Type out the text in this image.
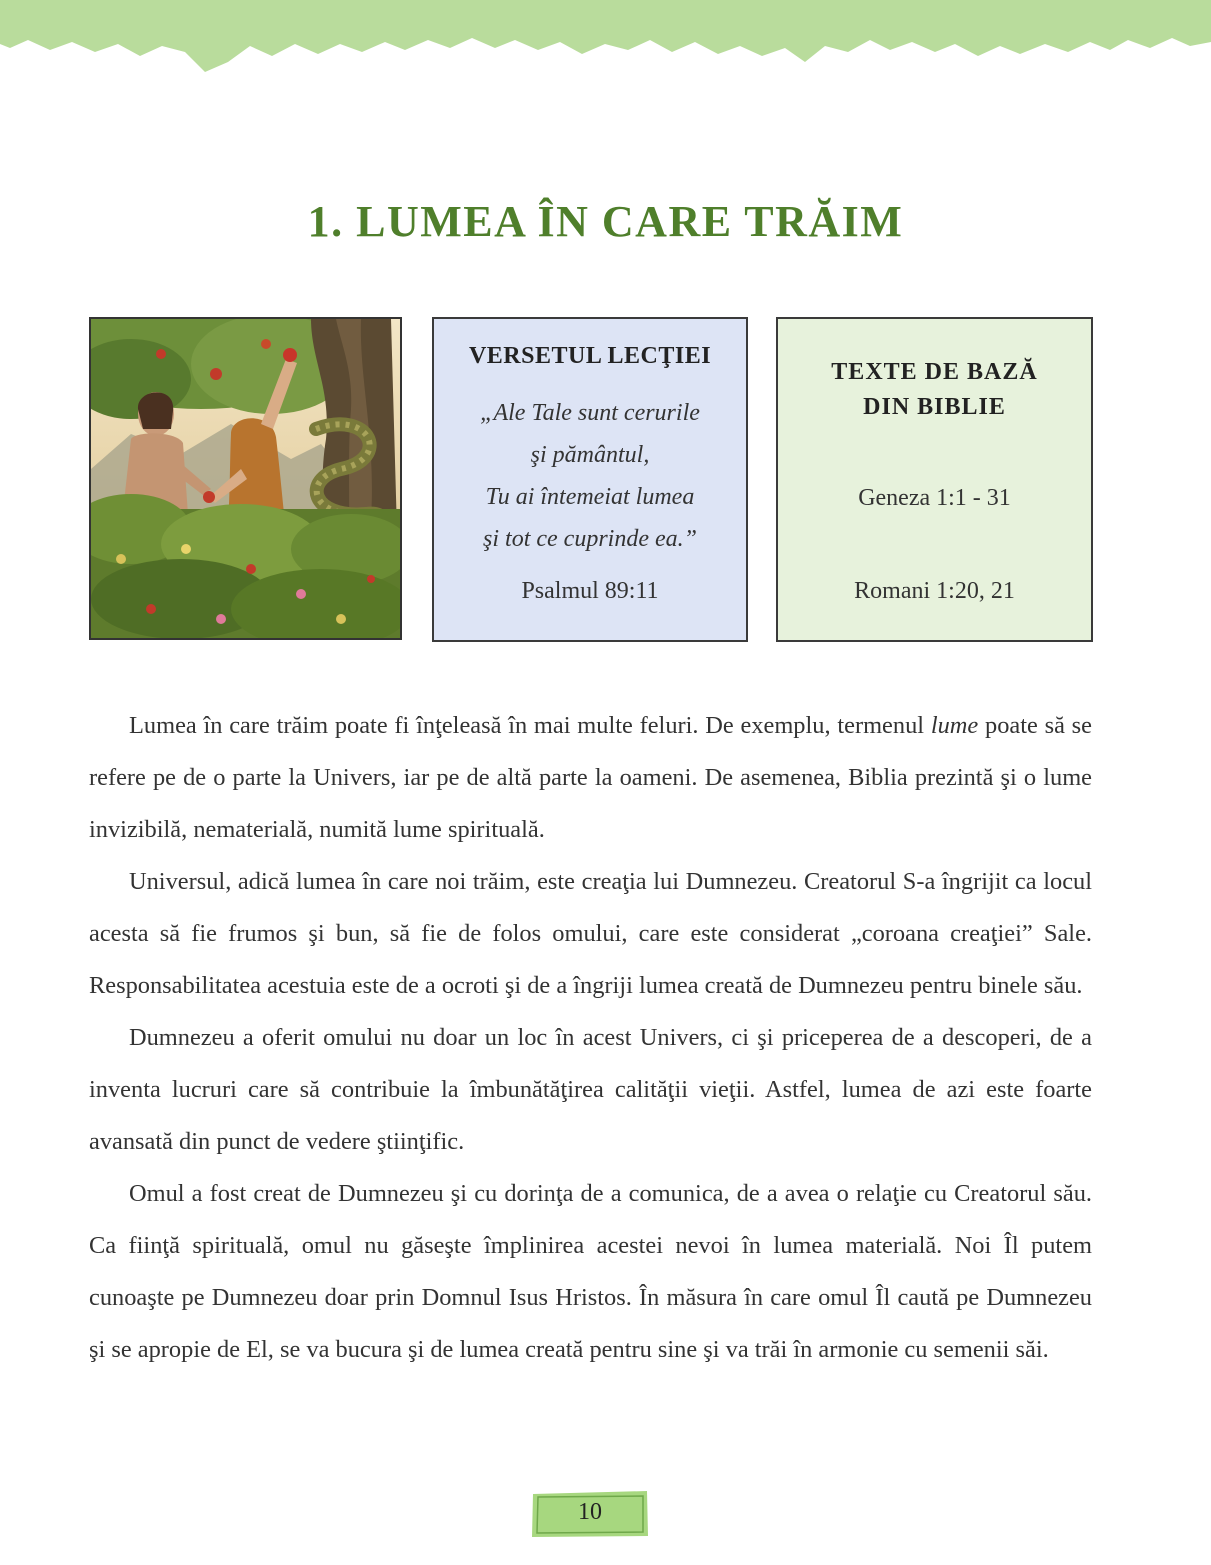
1. LUMEA ÎN CARE TRĂIM
VERSETUL LECŢIEI
„Ale Tale sunt cerurile
şi pământul,
Tu ai întemeiat lumea
şi tot ce cuprinde ea.”
Psalmul 89:11
TEXTE DE BAZĂ
DIN BIBLIE
Geneza 1:1 - 31
Romani 1:20, 21

Lumea în care trăim poate fi înţeleasă în mai multe feluri. De exemplu, termenul lume poate să se refere pe de o parte la Univers, iar pe de altă parte la oameni. De asemenea, Biblia prezintă şi o lume invizibilă, nematerială, numită lume spirituală.

Universul, adică lumea în care noi trăim, este creaţia lui Dumnezeu. Creatorul S-a îngrijit ca locul acesta să fie frumos şi bun, să fie de folos omului, care este considerat „coroana creaţiei” Sale. Responsabilitatea acestuia este de a ocroti şi de a îngriji lumea creată de Dumnezeu pentru binele său.

Dumnezeu a oferit omului nu doar un loc în acest Univers, ci şi priceperea de a descoperi, de a inventa lucruri care să contribuie la îmbunătăţirea calităţii vieţii. Astfel, lumea de azi este foarte avansată din punct de vedere ştiinţific.

Omul a fost creat de Dumnezeu şi cu dorinţa de a comunica, de a avea o relaţie cu Creatorul său. Ca fiinţă spirituală, omul nu găseşte împlinirea acestei nevoi în lumea materială. Noi Îl putem cunoaşte pe Dumnezeu doar prin Domnul Isus Hristos. În măsura în care omul Îl caută pe Dumnezeu şi se apropie de El, se va bucura şi de lumea creată pentru sine şi va trăi în armonie cu semenii săi.

10
